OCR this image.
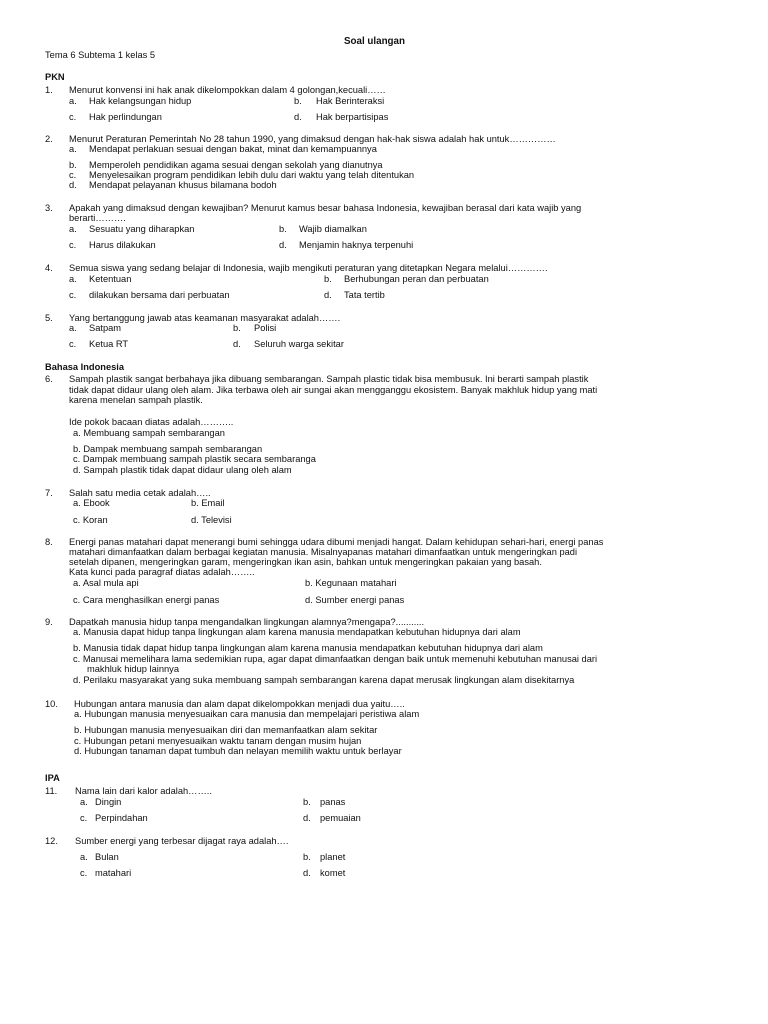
Soal ulangan
Tema 6 Subtema 1 kelas 5
PKN
1. Menurut konvensi ini hak anak dikelompokkan dalam 4 golongan,kecuali……
a. Hak kelangsungan hidup	b. Hak Berinteraksi
c. Hak perlindungan	d. Hak berpartisipas
2. Menurut Peraturan Pemerintah No 28 tahun 1990, yang dimaksud dengan hak-hak siswa adalah hak untuk……………
a. Mendapat perlakuan sesuai dengan bakat, minat dan kemampuannya
b. Memperoleh pendidikan agama sesuai dengan sekolah yang dianutnya
c. Menyelesaikan program pendidikan lebih dulu dari waktu yang telah ditentukan
d. Mendapat pelayanan khusus bilamana bodoh
3. Apakah yang dimaksud dengan kewajiban? Menurut kamus besar bahasa Indonesia, kewajiban berasal dari kata wajib yang
berarti……….
a. Sesuatu yang diharapkan	b. Wajib diamalkan
c. Harus dilakukan	d. Menjamin haknya terpenuhi
4. Semua siswa yang sedang belajar di Indonesia, wajib mengikuti peraturan yang ditetapkan Negara melalui………….
a. Ketentuan	b. Berhubungan peran dan perbuatan
c. dilakukan bersama dari perbuatan	d. Tata tertib
5. Yang bertanggung jawab atas keamanan masyarakat adalah…….
a. Satpam	b. Polisi
c. Ketua RT	d. Seluruh warga sekitar
Bahasa Indonesia
6. Sampah plastik sangat berbahaya jika dibuang sembarangan. Sampah plastic tidak bisa membusuk. Ini berarti sampah plastik
tidak dapat didaur ulang oleh alam. Jika terbawa oleh air sungai akan mengganggu ekosistem. Banyak makhluk hidup yang mati
karena menelan sampah plastik.
Ide pokok bacaan diatas adalah………..
a. Membuang sampah sembarangan
b. Dampak membuang sampah sembarangan
c. Dampak membuang sampah plastik secara sembaranga
d. Sampah plastik tidak dapat didaur ulang oleh alam
7. Salah satu media cetak adalah…..
a. Ebook	b. Email
c. Koran	d. Televisi
8. Energi panas matahari dapat menerangi bumi sehingga udara dibumi menjadi hangat. Dalam kehidupan sehari-hari, energi panas
matahari dimanfaatkan dalam berbagai kegiatan manusia. Misalnyapanas matahari dimanfaatkan untuk mengeringkan padi
setelah dipanen, mengeringkan garam, mengeringkan ikan asin, bahkan untuk mengeringkan pakaian yang basah.
Kata kunci pada paragraf diatas adalah……..
a. Asal mula api	b. Kegunaan matahari
c. Cara menghasilkan energi panas	d. Sumber energi panas
9. Dapatkah manusia hidup tanpa mengandalkan lingkungan alamnya?mengapa?...........
a. Manusia dapat hidup tanpa lingkungan alam karena manusia mendapatkan kebutuhan hidupnya dari alam
b. Manusia tidak dapat hidup tanpa lingkungan alam karena manusia mendapatkan kebutuhan hidupnya dari alam
c. Manusai memelihara lama sedemikian rupa, agar dapat dimanfaatkan dengan baik untuk memenuhi kebutuhan manusai dari
makhluk hidup lainnya
d. Perilaku masyarakat yang suka membuang sampah sembarangan karena dapat merusak lingkungan alam disekitarnya
10. Hubungan antara manusia dan alam dapat dikelompokkan menjadi dua yaitu…..
a. Hubungan manusia menyesuaikan cara manusia dan mempelajari peristiwa alam
b. Hubungan manusia menyesuaikan diri dan memanfaatkan alam sekitar
c. Hubungan petani menyesuaikan waktu tanam dengan musim hujan
d. Hubungan tanaman dapat tumbuh dan nelayan memilih waktu untuk berlayar
IPA
11. Nama lain dari kalor adalah……..
a. Dingin	b. panas
c. Perpindahan	d. pemuaian
12. Sumber energi yang terbesar dijagat raya adalah….
a. Bulan	b. planet
c. matahari	d. komet
